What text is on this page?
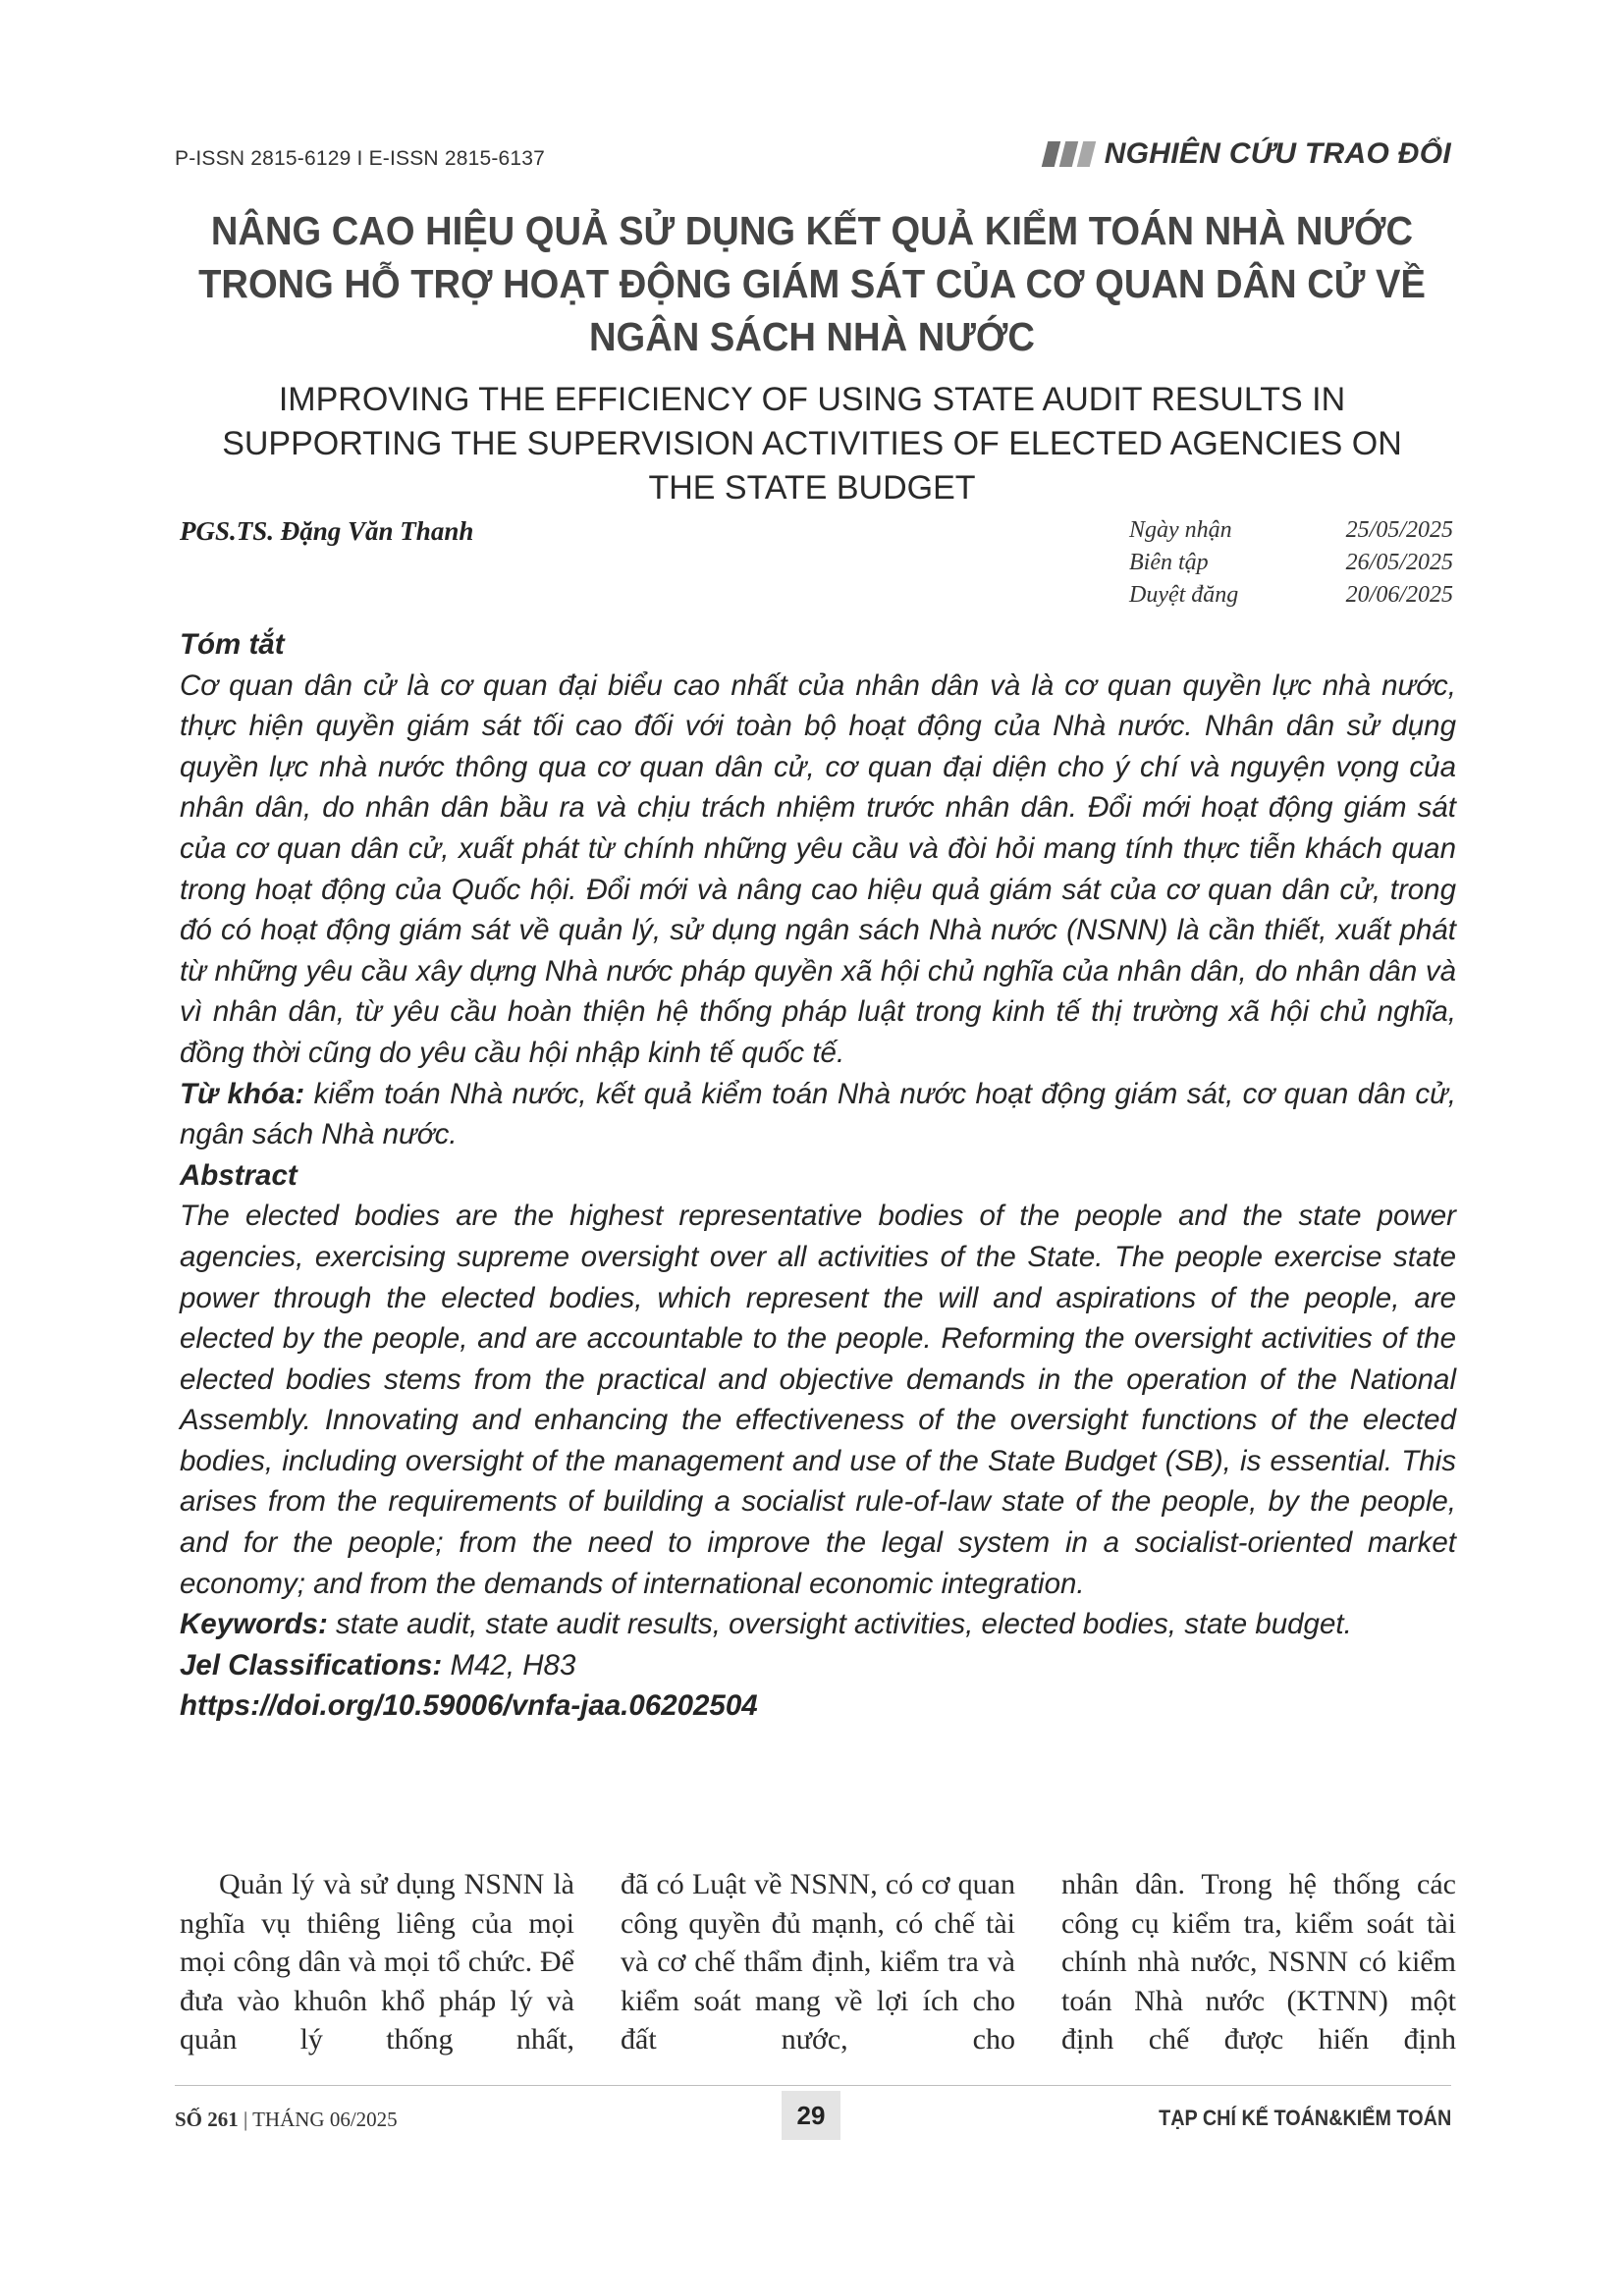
P-ISSN 2815-6129 I E-ISSN 2815-6137	NGHIÊN CỨU TRAO ĐỔI
NÂNG CAO HIỆU QUẢ SỬ DỤNG KẾT QUẢ KIỂM TOÁN NHÀ NƯỚC
TRONG HỖ TRỢ HOẠT ĐỘNG GIÁM SÁT CỦA CƠ QUAN DÂN CỬ VỀ
NGÂN SÁCH NHÀ NƯỚC
IMPROVING THE EFFICIENCY OF USING STATE AUDIT RESULTS IN
SUPPORTING THE SUPERVISION ACTIVITIES OF ELECTED AGENCIES ON
THE STATE BUDGET
PGS.TS. Đặng Văn Thanh	Ngày nhận	25/05/2025
Biên tập	26/05/2025
Duyệt đăng	20/06/2025
Tóm tắt

Cơ quan dân cử là cơ quan đại biểu cao nhất của nhân dân và là cơ quan quyền lực nhà nước, thực hiện quyền giám sát tối cao đối với toàn bộ hoạt động của Nhà nước. Nhân dân sử dụng quyền lực nhà nước thông qua cơ quan dân cử, cơ quan đại diện cho ý chí và nguyện vọng của nhân dân, do nhân dân bầu ra và chịu trách nhiệm trước nhân dân. Đổi mới hoạt động giám sát của cơ quan dân cử, xuất phát từ chính những yêu cầu và đòi hỏi mang tính thực tiễn khách quan trong hoạt động của Quốc hội. Đổi mới và nâng cao hiệu quả giám sát của cơ quan dân cử, trong đó có hoạt động giám sát về quản lý, sử dụng ngân sách Nhà nước (NSNN) là cần thiết, xuất phát từ những yêu cầu xây dựng Nhà nước pháp quyền xã hội chủ nghĩa của nhân dân, do nhân dân và vì nhân dân, từ yêu cầu hoàn thiện hệ thống pháp luật trong kinh tế thị trường xã hội chủ nghĩa, đồng thời cũng do yêu cầu hội nhập kinh tế quốc tế.

Từ khóa: kiểm toán Nhà nước, kết quả kiểm toán Nhà nước hoạt động giám sát, cơ quan dân cử, ngân sách Nhà nước.

Abstract

The elected bodies are the highest representative bodies of the people and the state power agencies, exercising supreme oversight over all activities of the State. The people exercise state power through the elected bodies, which represent the will and aspirations of the people, are elected by the people, and are accountable to the people. Reforming the oversight activities of the elected bodies stems from the practical and objective demands in the operation of the National Assembly. Innovating and enhancing the effectiveness of the oversight functions of the elected bodies, including oversight of the management and use of the State Budget (SB), is essential. This arises from the requirements of building a socialist rule-of-law state of the people, by the people, and for the people; from the need to improve the legal system in a socialist-oriented market economy; and from the demands of international economic integration.

Keywords: state audit, state audit results, oversight activities, elected bodies, state budget.

Jel Classifications: M42, H83

https://doi.org/10.59006/vnfa-jaa.06202504

Quản lý và sử dụng NSNN là nghĩa vụ thiêng liêng của mọi mọi công dân và mọi tổ chức. Để đưa vào khuôn khổ pháp lý và quản lý thống nhất,
đã có Luật về NSNN, có cơ quan công quyền đủ mạnh, có chế tài và cơ chế thẩm định, kiểm tra và kiểm soát mang về lợi ích cho đất nước, cho
nhân dân. Trong hệ thống các công cụ kiểm tra, kiểm soát tài chính nhà nước, NSNN có kiểm toán Nhà nước (KTNN) một định chế được hiến định
SỐ 261 | THÁNG 06/2025	29	TẠP CHÍ KẾ TOÁN&KIỂM TOÁN
